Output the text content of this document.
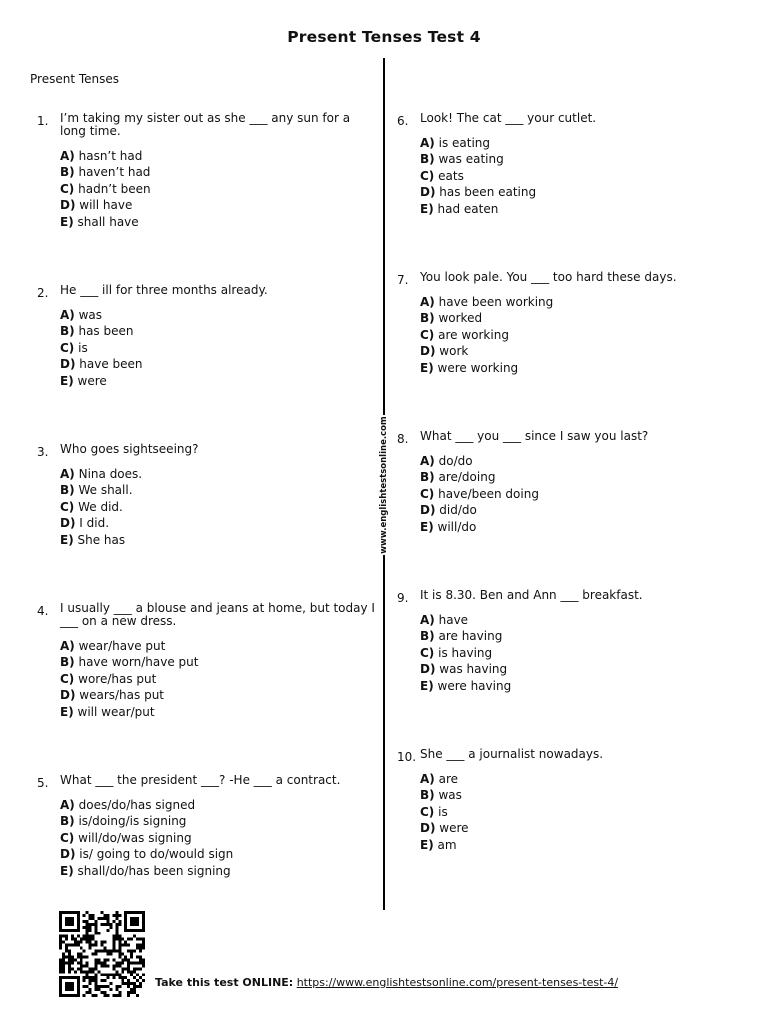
Present Tenses Test 4
Present Tenses
www.englishtestsonline.com
1. I’m taking my sister out as she ___ any sun for a long time.
A) hasn’t had
B) haven’t had
C) hadn’t been
D) will have
E) shall have
2. He ___ ill for three months already.
A) was
B) has been
C) is
D) have been
E) were
3. Who goes sightseeing?
A) Nina does.
B) We shall.
C) We did.
D) I did.
E) She has
4. I usually ___ a blouse and jeans at home, but today I ___ on a new dress.
A) wear/have put
B) have worn/have put
C) wore/has put
D) wears/has put
E) will wear/put
5. What ___ the president ___? -He ___ a contract.
A) does/do/has signed
B) is/doing/is signing
C) will/do/was signing
D) is/ going to do/would sign
E) shall/do/has been signing
6. Look! The cat ___ your cutlet.
A) is eating
B) was eating
C) eats
D) has been eating
E) had eaten
7. You look pale. You ___ too hard these days.
A) have been working
B) worked
C) are working
D) work
E) were working
8. What ___ you ___ since I saw you last?
A) do/do
B) are/doing
C) have/been doing
D) did/do
E) will/do
9. It is 8.30. Ben and Ann ___ breakfast.
A) have
B) are having
C) is having
D) was having
E) were having
10. She ___ a journalist nowadays.
A) are
B) was
C) is
D) were
E) am
Take this test ONLINE: https://www.englishtestsonline.com/present-tenses-test-4/
